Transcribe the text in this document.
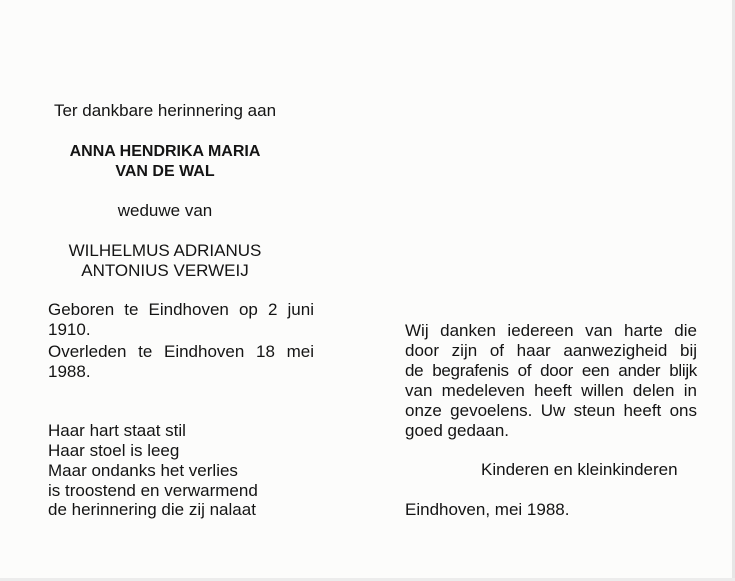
Ter dankbare herinnering aan
ANNA HENDRIKA MARIA
VAN DE WAL
weduwe van
WILHELMUS ADRIANUS
ANTONIUS VERWEIJ
Geboren te Eindhoven op 2 juni
1910.
Overleden te Eindhoven 18 mei
1988.
Haar hart staat stil
Haar stoel is leeg
Maar ondanks het verlies
is troostend en verwarmend
de herinnering die zij nalaat
Wij danken iedereen van harte die
door zijn of haar aanwezigheid bij
de begrafenis of door een ander blijk
van medeleven heeft willen delen in
onze gevoelens. Uw steun heeft ons
goed gedaan.
Kinderen en kleinkinderen
Eindhoven, mei 1988.
